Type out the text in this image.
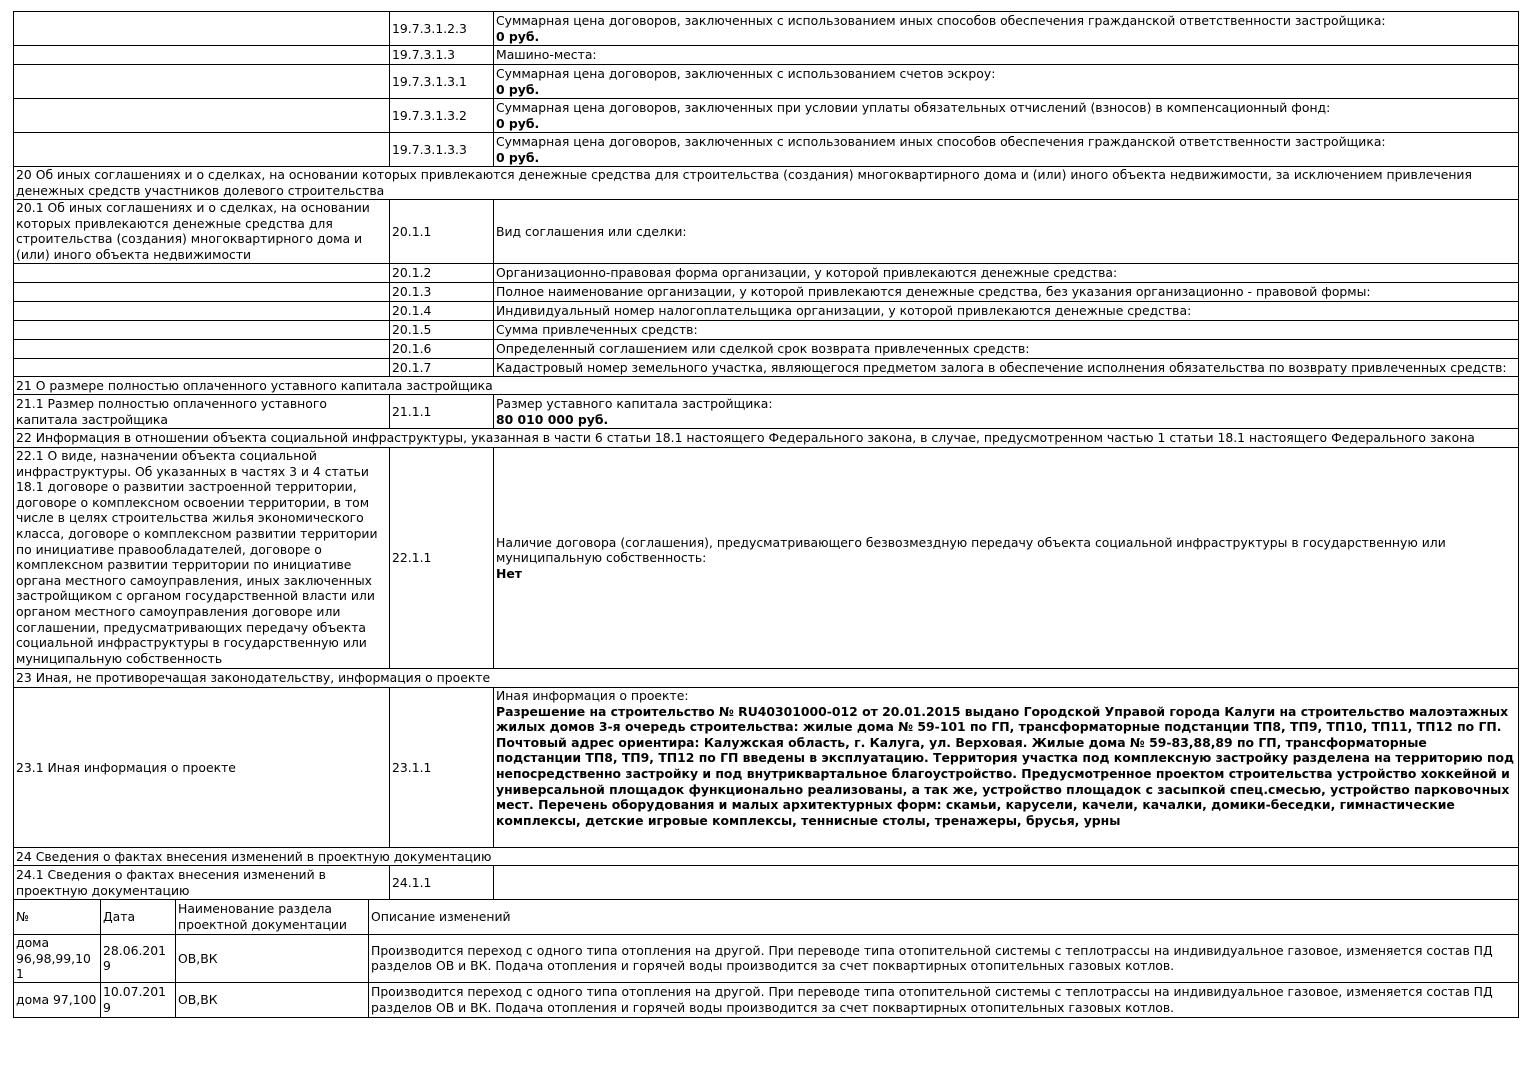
	19.7.3.1.2.3	Суммарная цена договоров, заключенных с использованием иных способов обеспечения гражданской ответственности застройщика:
0 руб.

	19.7.3.1.3	Машино-места:
	19.7.3.1.3.1	Суммарная цена договоров, заключенных с использованием счетов эскроу:
0 руб.

	19.7.3.1.3.2	Суммарная цена договоров, заключенных при условии уплаты обязательных отчислений (взносов) в компенсационный фонд:
0 руб.

	19.7.3.1.3.3	Суммарная цена договоров, заключенных с использованием иных способов обеспечения гражданской ответственности застройщика:
0 руб.

20 Об иных соглашениях и о сделках, на основании которых привлекаются денежные средства для строительства (создания) многоквартирного дома и (или) иного объекта недвижимости, за исключением привлечения денежных средств участников долевого строительства		
20.1 Об иных соглашениях и о сделках, на основании которых привлекаются денежные средства для строительства (создания) многоквартирного дома и (или) иного объекта недвижимости	20.1.1	Вид соглашения или сделки:
	20.1.2	Организационно-правовая форма организации, у которой привлекаются денежные средства:
	20.1.3	Полное наименование организации, у которой привлекаются денежные средства, без указания организационно - правовой формы:
	20.1.4	Индивидуальный номер налогоплательщика организации, у которой привлекаются денежные средства:
	20.1.5	Сумма привлеченных средств:
	20.1.6	Определенный соглашением или сделкой срок возврата привлеченных средств:
	20.1.7	Кадастровый номер земельного участка, являющегося предметом залога в обеспечение исполнения обязательства по возврату привлеченных средств:
21 О размере полностью оплаченного уставного капитала застройщика		
21.1 Размер полностью оплаченного уставного капитала застройщика	21.1.1	Размер уставного капитала застройщика:
80 010 000 руб.

22 Информация в отношении объекта социальной инфраструктуры, указанная в части 6 статьи 18.1 настоящего Федерального закона, в случае, предусмотренном частью 1 статьи 18.1 настоящего Федерального закона		
22.1 О виде, назначении объекта социальной инфраструктуры. Об указанных в частях 3 и 4 статьи 18.1 договоре о развитии застроенной территории, договоре о комплексном освоении территории, в том числе в целях строительства жилья экономического класса, договоре о комплексном развитии территории по инициативе правообладателей, договоре о комплексном развитии территории по инициативе органа местного самоуправления, иных заключенных застройщиком с органом государственной власти или органом местного самоуправления договоре или соглашении, предусматривающих передачу объекта социальной инфраструктуры в государственную или муниципальную собственность	22.1.1	Наличие договора (соглашения), предусматривающего безвозмездную передачу объекта социальной инфраструктуры в государственную или муниципальную собственность:
Нет

23 Иная, не противоречащая законодательству, информация о проекте		
23.1 Иная информация о проекте	23.1.1	Иная информация о проекте:
Разрешение на строительство № RU40301000-012 от 20.01.2015 выдано Городской Управой города Калуги на строительство малоэтажных жилых домов 3-я очередь строительства: жилые дома № 59-101 по ГП, трансформаторные подстанции ТП8, ТП9, ТП10, ТП11, ТП12 по ГП. Почтовый адрес ориентира: Калужская область, г. Калуга, ул. Верховая. Жилые дома № 59-83,88,89 по ГП, трансформаторные подстанции ТП8, ТП9, ТП12 по ГП введены в эксплуатацию. Территория участка под комплексную застройку разделена на территорию под непосредственно застройку и под внутриквартальное благоустройство. Предусмотренное проектом строительства устройство хоккейной и универсальной площадок функционально реализованы, а так же, устройство площадок с засыпкой спец.смесью, устройство парковочных мест. Перечень оборудования и малых архитектурных форм: скамьи, карусели, качели, качалки, домики-беседки, гимнастические комплексы, детские игровые комплексы, теннисные столы, тренажеры, брусья, урны

24 Сведения о фактах внесения изменений в проектную документацию		
24.1 Сведения о фактах внесения изменений в проектную документацию	24.1.1	
№	Дата	Наименование раздела проектной документации	Описание изменений
дома 96,98,99,101	28.06.2019	ОВ,ВК	Производится переход с одного типа отопления на другой. При переводе типа отопительной системы с теплотрассы на индивидуальное газовое, изменяется состав ПД разделов ОВ и ВК. Подача отопления и горячей воды производится за счет поквартирных отопительных газовых котлов.
дома 97,100	10.07.2019	ОВ,ВК	Производится переход с одного типа отопления на другой. При переводе типа отопительной системы с теплотрассы на индивидуальное газовое, изменяется состав ПД разделов ОВ и ВК. Подача отопления и горячей воды производится за счет поквартирных отопительных газовых котлов.
